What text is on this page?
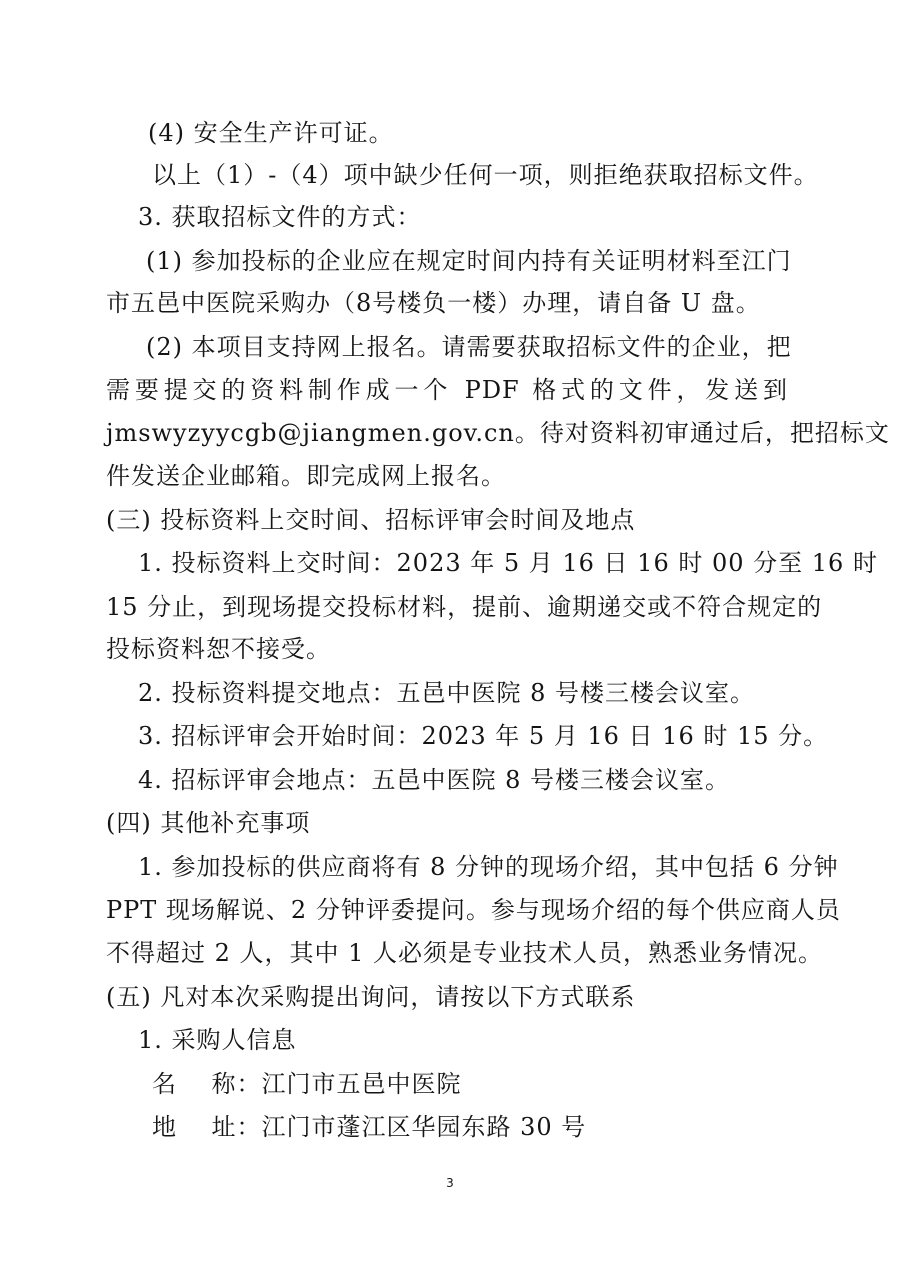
(4) 安全生产许可证。
以上（1）-（4）项中缺少任何一项，则拒绝获取招标文件。
3. 获取招标文件的方式：
(1) 参加投标的企业应在规定时间内持有关证明材料至江门
市五邑中医院采购办（8号楼负一楼）办理，请自备 U 盘。
(2) 本项目支持网上报名。请需要获取招标文件的企业，把
需要提交的资料制作成一个 PDF 格式的文件，发送到
jmswyzyycgb@jiangmen.gov.cn。待对资料初审通过后，把招标文
件发送企业邮箱。即完成网上报名。
(三) 投标资料上交时间、招标评审会时间及地点
1. 投标资料上交时间：2023 年 5 月 16 日 16 时 00 分至 16 时
15 分止，到现场提交投标材料，提前、逾期递交或不符合规定的
投标资料恕不接受。
2. 投标资料提交地点：五邑中医院 8 号楼三楼会议室。
3. 招标评审会开始时间：2023 年 5 月 16 日 16 时 15 分。
4. 招标评审会地点：五邑中医院 8 号楼三楼会议室。
(四) 其他补充事项
1. 参加投标的供应商将有 8 分钟的现场介绍，其中包括 6 分钟
PPT 现场解说、2 分钟评委提问。参与现场介绍的每个供应商人员
不得超过 2 人，其中 1 人必须是专业技术人员，熟悉业务情况。
(五) 凡对本次采购提出询问，请按以下方式联系
1. 采购人信息
名    称：江门市五邑中医院
地    址：江门市蓬江区华园东路 30 号
3
